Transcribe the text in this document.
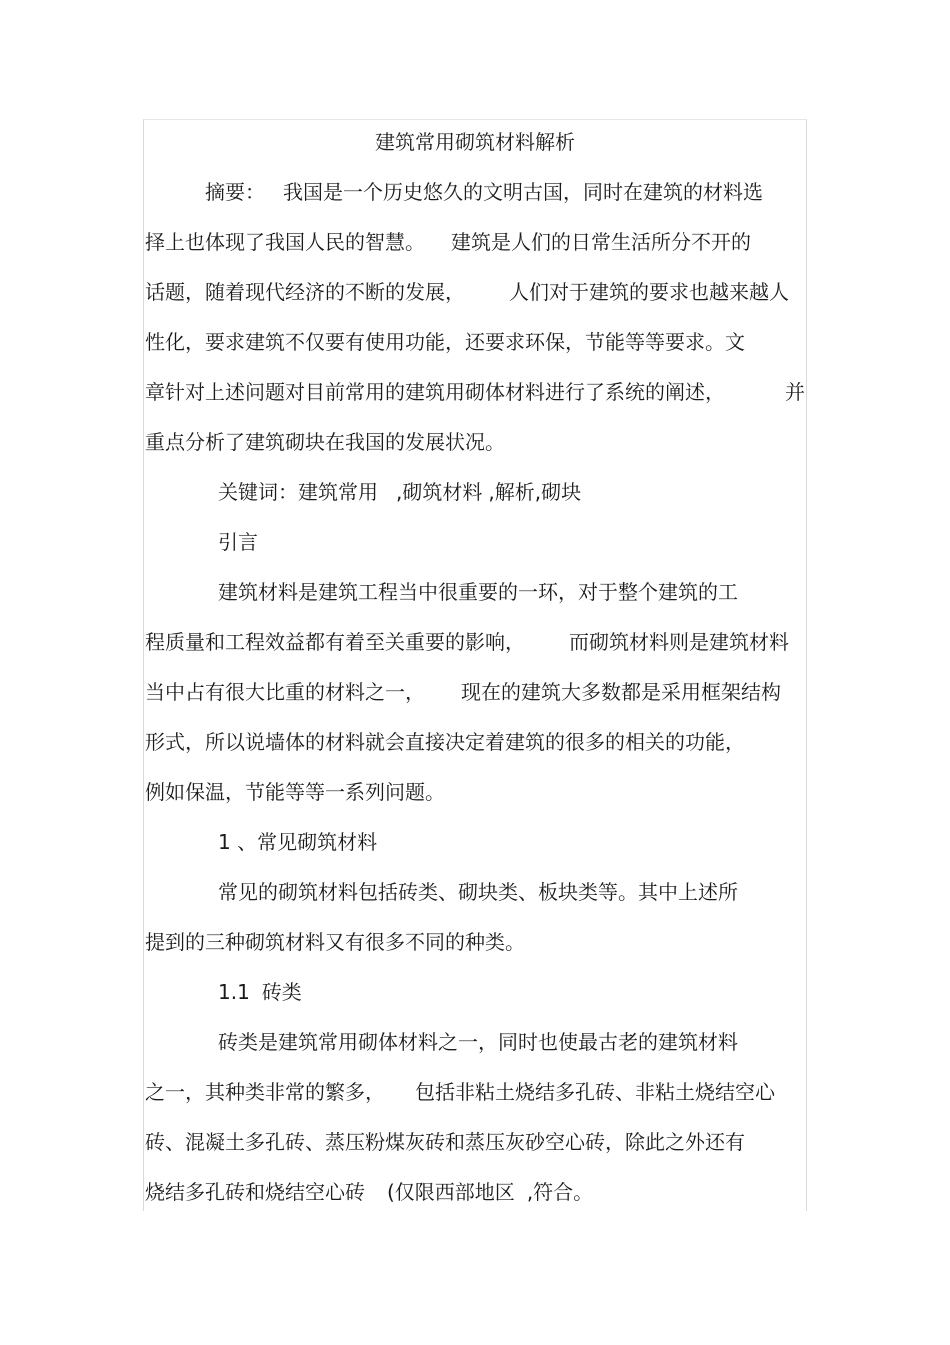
建筑常用砌筑材料解析
摘要： 我国是一个历史悠久的文明古国，同时在建筑的材料选
择上也体现了我国人民的智慧。 建筑是人们的日常生活所分不开的
话题，随着现代经济的不断的发展， 人们对于建筑的要求也越来越人
性化，要求建筑不仅要有使用功能，还要求环保，节能等等要求。文
章针对上述问题对目前常用的建筑用砌体材料进行了系统的阐述，	并
重点分析了建筑砌块在我国的发展状况。
关键词：建筑常用 ,砌筑材料 ,解析,砌块
引言
建筑材料是建筑工程当中很重要的一环，对于整个建筑的工
程质量和工程效益都有着至关重要的影响， 而砌筑材料则是建筑材料
当中占有很大比重的材料之一， 现在的建筑大多数都是采用框架结构
形式，所以说墙体的材料就会直接决定着建筑的很多的相关的功能，
例如保温，节能等等一系列问题。
1 、常见砌筑材料
常见的砌筑材料包括砖类、砌块类、板块类等。其中上述所
提到的三种砌筑材料又有很多不同的种类。
1.1 砖类
砖类是建筑常用砌体材料之一，同时也使最古老的建筑材料
之一，其种类非常的繁多， 包括非粘土烧结多孔砖、非粘土烧结空心
砖、混凝土多孔砖、蒸压粉煤灰砖和蒸压灰砂空心砖，除此之外还有
烧结多孔砖和烧结空心砖 (仅限西部地区 ,符合。
